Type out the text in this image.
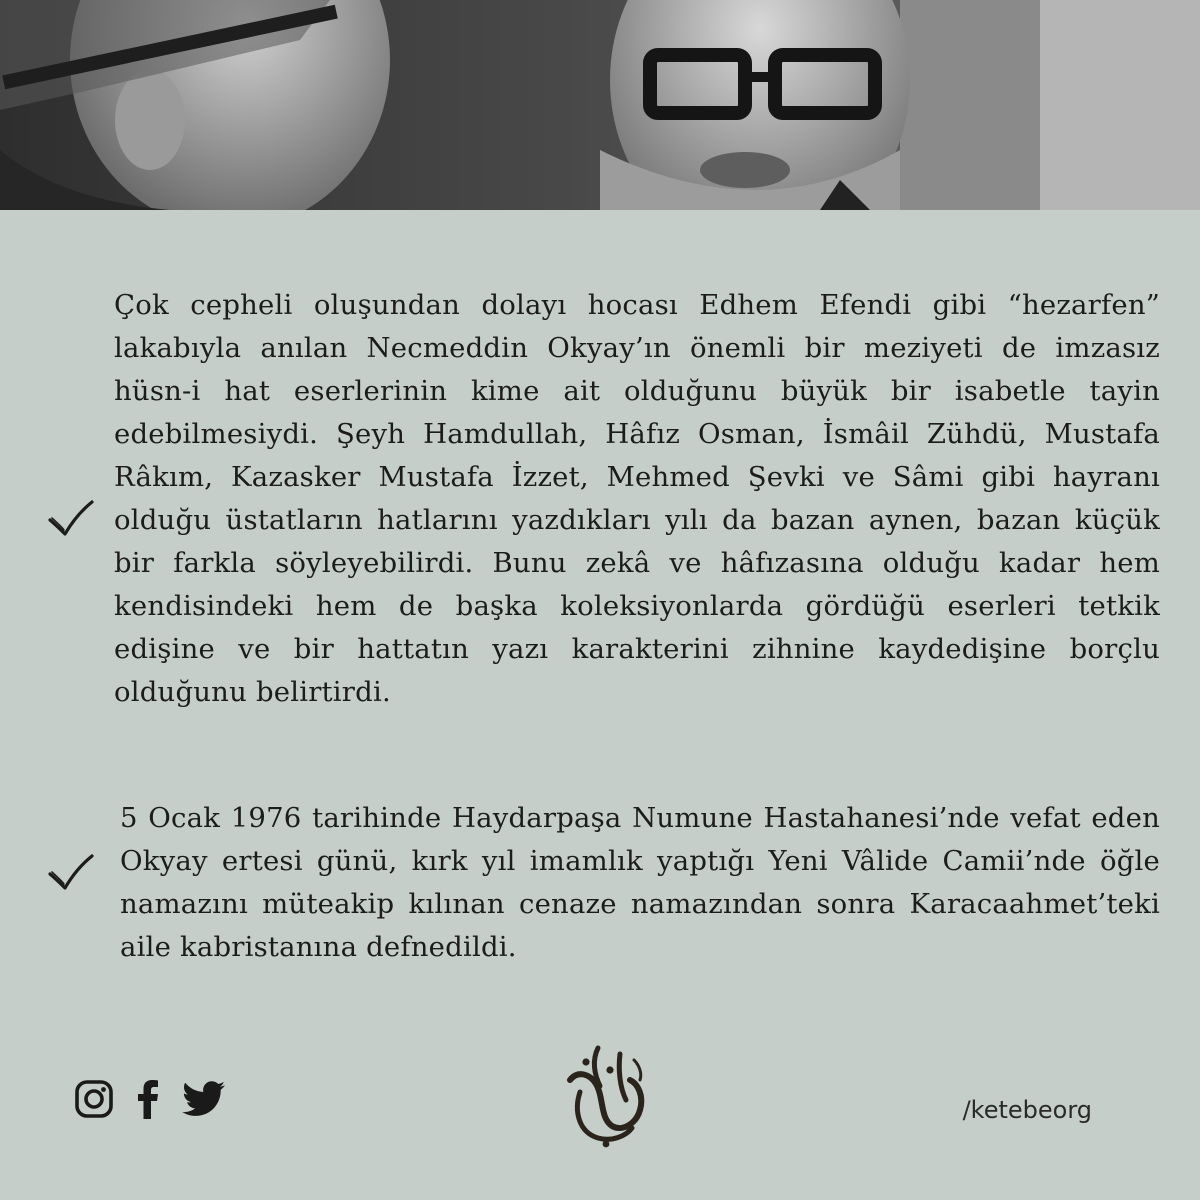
Çok cepheli oluşundan dolayı hocası Edhem Efendi gibi “hezarfen” lakabıyla anılan Necmeddin Okyay’ın önemli bir meziyeti de imzasız hüsn-i hat eserlerinin kime ait olduğunu büyük bir isabetle tayin edebilmesiydi. Şeyh Hamdullah, Hâfız Osman, İsmâil Zühdü, Mustafa Râkım, Kazasker Mustafa İzzet, Mehmed Şevki ve Sâmi gibi hayranı olduğu üstatların hatlarını yazdıkları yılı da bazan aynen, bazan küçük bir farkla söyleyebilirdi. Bunu zekâ ve hâfızasına olduğu kadar hem kendisindeki hem de başka koleksiyonlarda gördüğü eserleri tetkik edişine ve bir hattatın yazı karakterini zihnine kaydedişine borçlu olduğunu belirtirdi.

5 Ocak 1976 tarihinde Haydarpaşa Numune Hastahanesi’nde vefat eden Okyay ertesi günü, kırk yıl imamlık yaptığı Yeni Vâlide Camii’nde öğle namazını müteakip kılınan cenaze namazından sonra Karacaahmet’teki aile kabristanına defnedildi.

/ketebeorg
